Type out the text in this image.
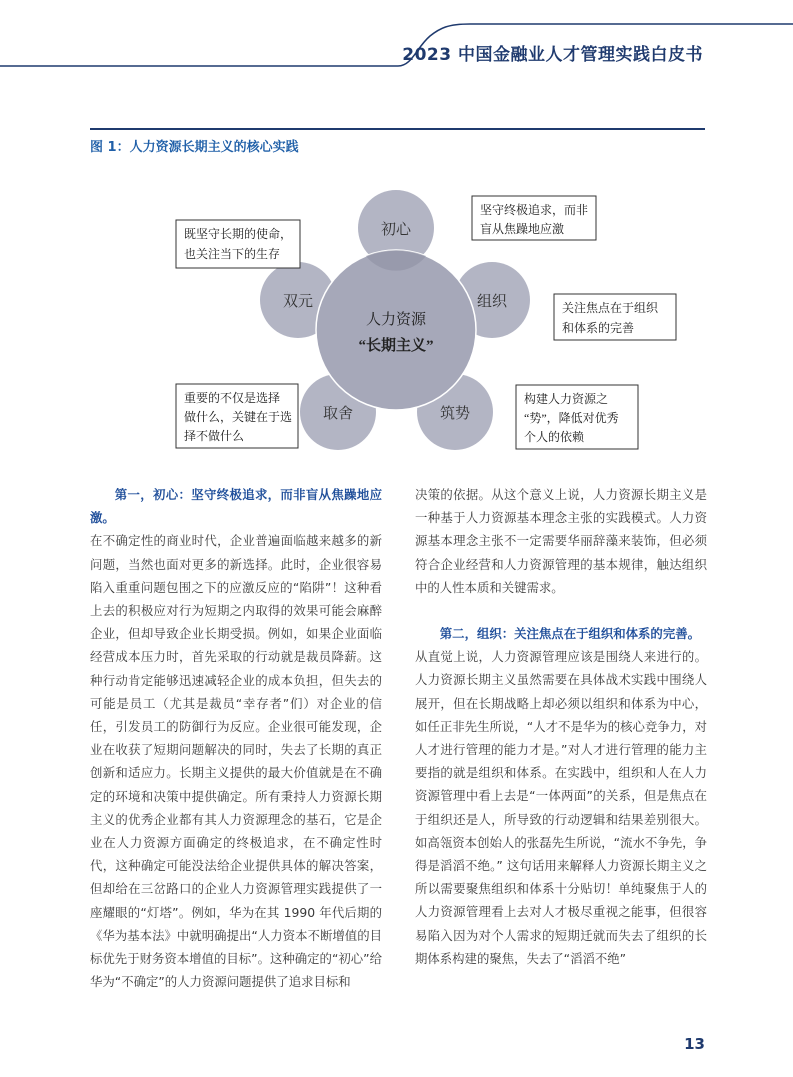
2023 中国金融业人才管理实践白皮书
图 1：人力资源长期主义的核心实践
人力资源
“长期主义”
初心
组织
筑势
取舍
双元
坚守终极追求，而非
盲从焦躁地应激
关注焦点在于组织
和体系的完善
构建人力资源之
“势”，降低对优秀
个人的依赖
重要的不仅是选择
做什么，关键在于选
择不做什么
既坚守长期的使命，
也关注当下的生存

第一，初心：坚守终极追求，而非盲从焦躁地应激。

在不确定性的商业时代，企业普遍面临越来越多的新问题，当然也面对更多的新选择。此时，企业很容易陷入重重问题包围之下的应激反应的“陷阱”！这种看上去的积极应对行为短期之内取得的效果可能会麻醉企业，但却导致企业长期受损。例如，如果企业面临经营成本压力时，首先采取的行动就是裁员降薪。这种行动肯定能够迅速减轻企业的成本负担，但失去的可能是员工（尤其是裁员“幸存者”们）对企业的信任，引发员工的防御行为反应。企业很可能发现，企业在收获了短期问题解决的同时，失去了长期的真正创新和适应力。长期主义提供的最大价值就是在不确定的环境和决策中提供确定。所有秉持人力资源长期主义的优秀企业都有其人力资源理念的基石，它是企业在人力资源方面确定的终极追求，在不确定性时代，这种确定可能没法给企业提供具体的解决答案，但却给在三岔路口的企业人力资源管理实践提供了一座耀眼的“灯塔”。例如，华为在其 1990 年代后期的《华为基本法》中就明确提出“人力资本不断增值的目标优先于财务资本增值的目标”。这种确定的“初心”给华为“不确定”的人力资源问题提供了追求目标和

决策的依据。从这个意义上说，人力资源长期主义是一种基于人力资源基本理念主张的实践模式。人力资源基本理念主张不一定需要华丽辞藻来装饰，但必须符合企业经营和人力资源管理的基本规律，触达组织中的人性本质和关键需求。

第二，组织：关注焦点在于组织和体系的完善。

从直觉上说，人力资源管理应该是围绕人来进行的。人力资源长期主义虽然需要在具体战术实践中围绕人展开，但在长期战略上却必须以组织和体系为中心，如任正非先生所说，“人才不是华为的核心竞争力，对人才进行管理的能力才是。”对人才进行管理的能力主要指的就是组织和体系。在实践中，组织和人在人力资源管理中看上去是“一体两面”的关系，但是焦点在于组织还是人，所导致的行动逻辑和结果差别很大。如高瓴资本创始人的张磊先生所说，“流水不争先，争得是滔滔不绝。” 这句话用来解释人力资源长期主义之所以需要聚焦组织和体系十分贴切！单纯聚焦于人的人力资源管理看上去对人才极尽重视之能事，但很容易陷入因为对个人需求的短期迁就而失去了组织的长期体系构建的聚焦，失去了“滔滔不绝”

13
